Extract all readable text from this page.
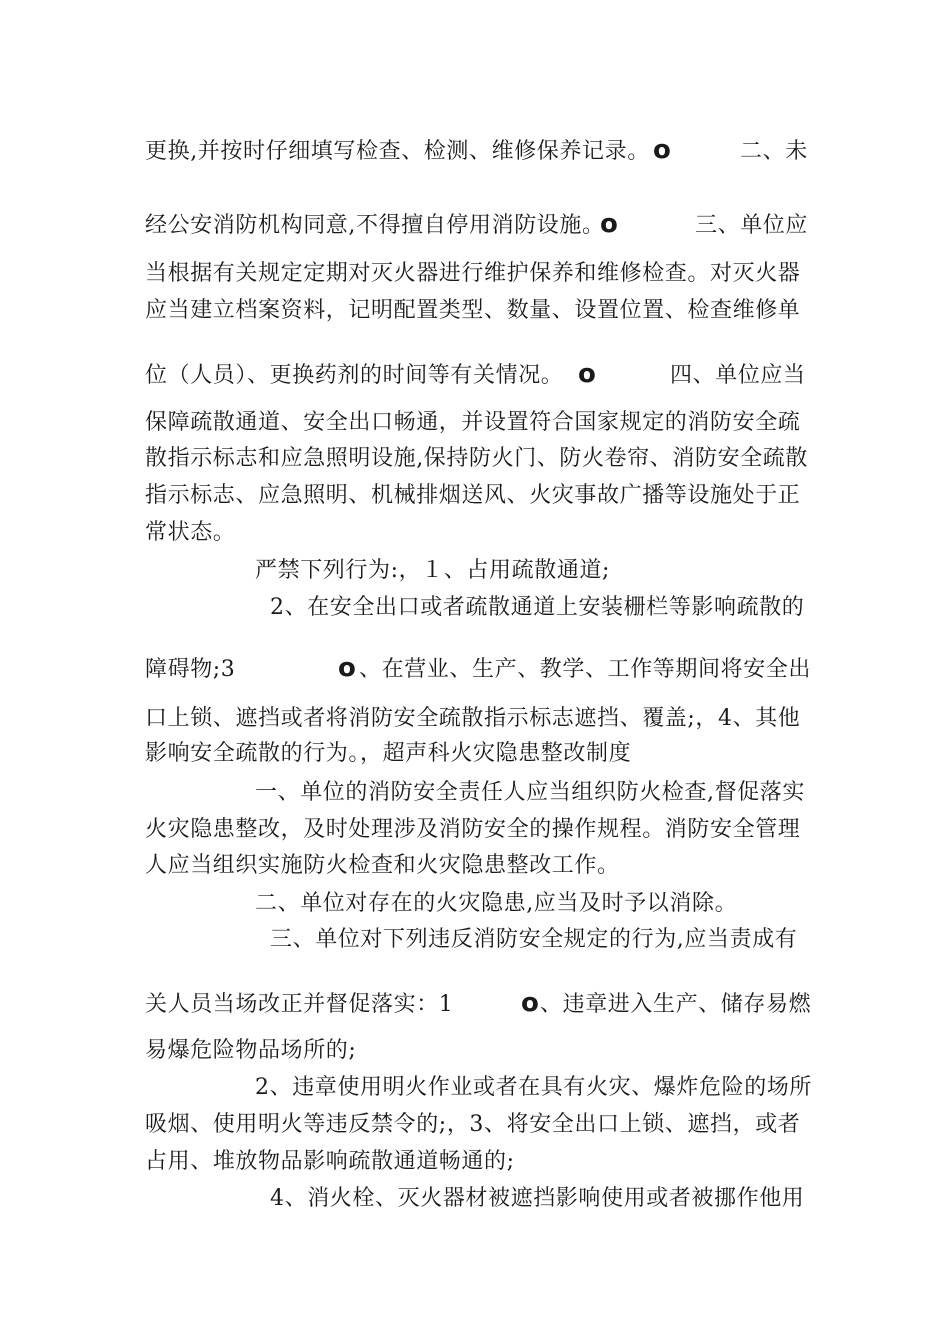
更换,并按时仔细填写检查、检测、维修保养记录。 ο	二、未
经公安消防机构同意,不得擅自停用消防设施。
ο	三、单位应
当根据有关规定定期对灭火器进行维护保养和维修检查。对灭火器
应当建立档案资料，记明配置类型、数量、设置位置、检查维修单
位（人员）、更换药剂的时间等有关情况。 ο	四、单位应当
保障疏散通道、安全出口畅通，并设置符合国家规定的消防安全疏
散指示标志和应急照明设施,保持防火门、防火卷帘、消防安全疏散
指示标志、应急照明、机械排烟送风、火灾事故广播等设施处于正
常状态。
严禁下列行为:，１、占用疏散通道;
2、在安全出口或者疏散通道上安装栅栏等影响疏散的
障碍物;3	ο 、在营业、生产、教学、工作等期间将安全出
口上锁、遮挡或者将消防安全疏散指示标志遮挡、覆盖;，4、其他
影响安全疏散的行为。，超声科火灾隐患整改制度
一、单位的消防安全责任人应当组织防火检查,督促落实
火灾隐患整改，及时处理涉及消防安全的操作规程。消防安全管理
人应当组织实施防火检查和火灾隐患整改工作。
二、单位对存在的火灾隐患,应当及时予以消除。
三、单位对下列违反消防安全规定的行为,应当责成有
关人员当场改正并督促落实：1	ο 、违章进入生产、储存易燃
易爆危险物品场所的;
2、违章使用明火作业或者在具有火灾、爆炸危险的场所
吸烟、使用明火等违反禁令的;，3、将安全出口上锁、遮挡，或者
占用、堆放物品影响疏散通道畅通的;
4、消火栓、灭火器材被遮挡影响使用或者被挪作他用
